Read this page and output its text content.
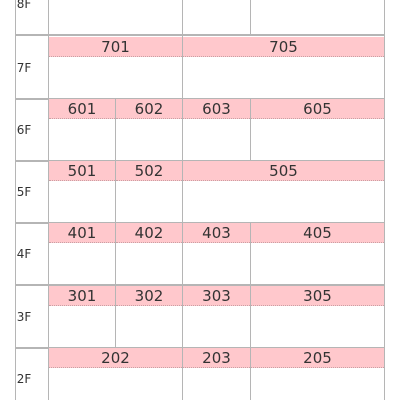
8F
7F
701	705
6F
601	602	603	605
5F
501	502	505
4F
401	402	403	405
3F
301	302	303	305
2F
202	203	205
